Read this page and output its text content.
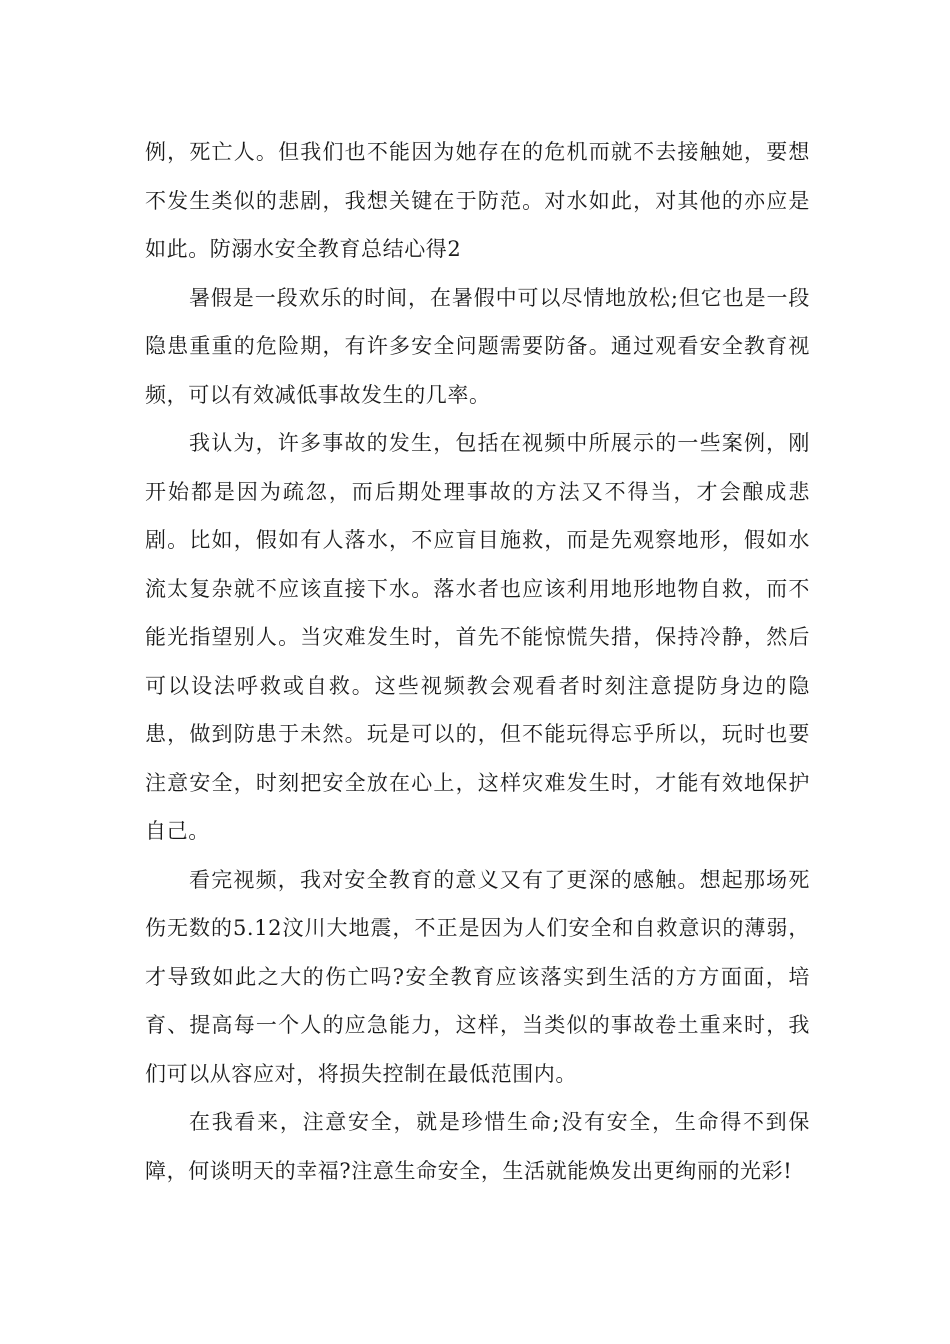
例，死亡人。但我们也不能因为她存在的危机而就不去接触她，要想不发生类似的悲剧，我想关键在于防范。对水如此，对其他的亦应是如此。防溺水安全教育总结心得2

暑假是一段欢乐的时间，在暑假中可以尽情地放松;但它也是一段隐患重重的危险期，有许多安全问题需要防备。通过观看安全教育视频，可以有效减低事故发生的几率。

我认为，许多事故的发生，包括在视频中所展示的一些案例，刚开始都是因为疏忽，而后期处理事故的方法又不得当，才会酿成悲剧。比如，假如有人落水，不应盲目施救，而是先观察地形，假如水流太复杂就不应该直接下水。落水者也应该利用地形地物自救，而不能光指望别人。当灾难发生时，首先不能惊慌失措，保持冷静，然后可以设法呼救或自救。这些视频教会观看者时刻注意提防身边的隐患，做到防患于未然。玩是可以的，但不能玩得忘乎所以，玩时也要注意安全，时刻把安全放在心上，这样灾难发生时，才能有效地保护自己。

看完视频，我对安全教育的意义又有了更深的感触。想起那场死伤无数的5.12汶川大地震，不正是因为人们安全和自救意识的薄弱，才导致如此之大的伤亡吗?安全教育应该落实到生活的方方面面，培育、提高每一个人的应急能力，这样，当类似的事故卷土重来时，我们可以从容应对，将损失控制在最低范围内。

在我看来，注意安全，就是珍惜生命;没有安全，生命得不到保障，何谈明天的幸福?注意生命安全，生活就能焕发出更绚丽的光彩!
